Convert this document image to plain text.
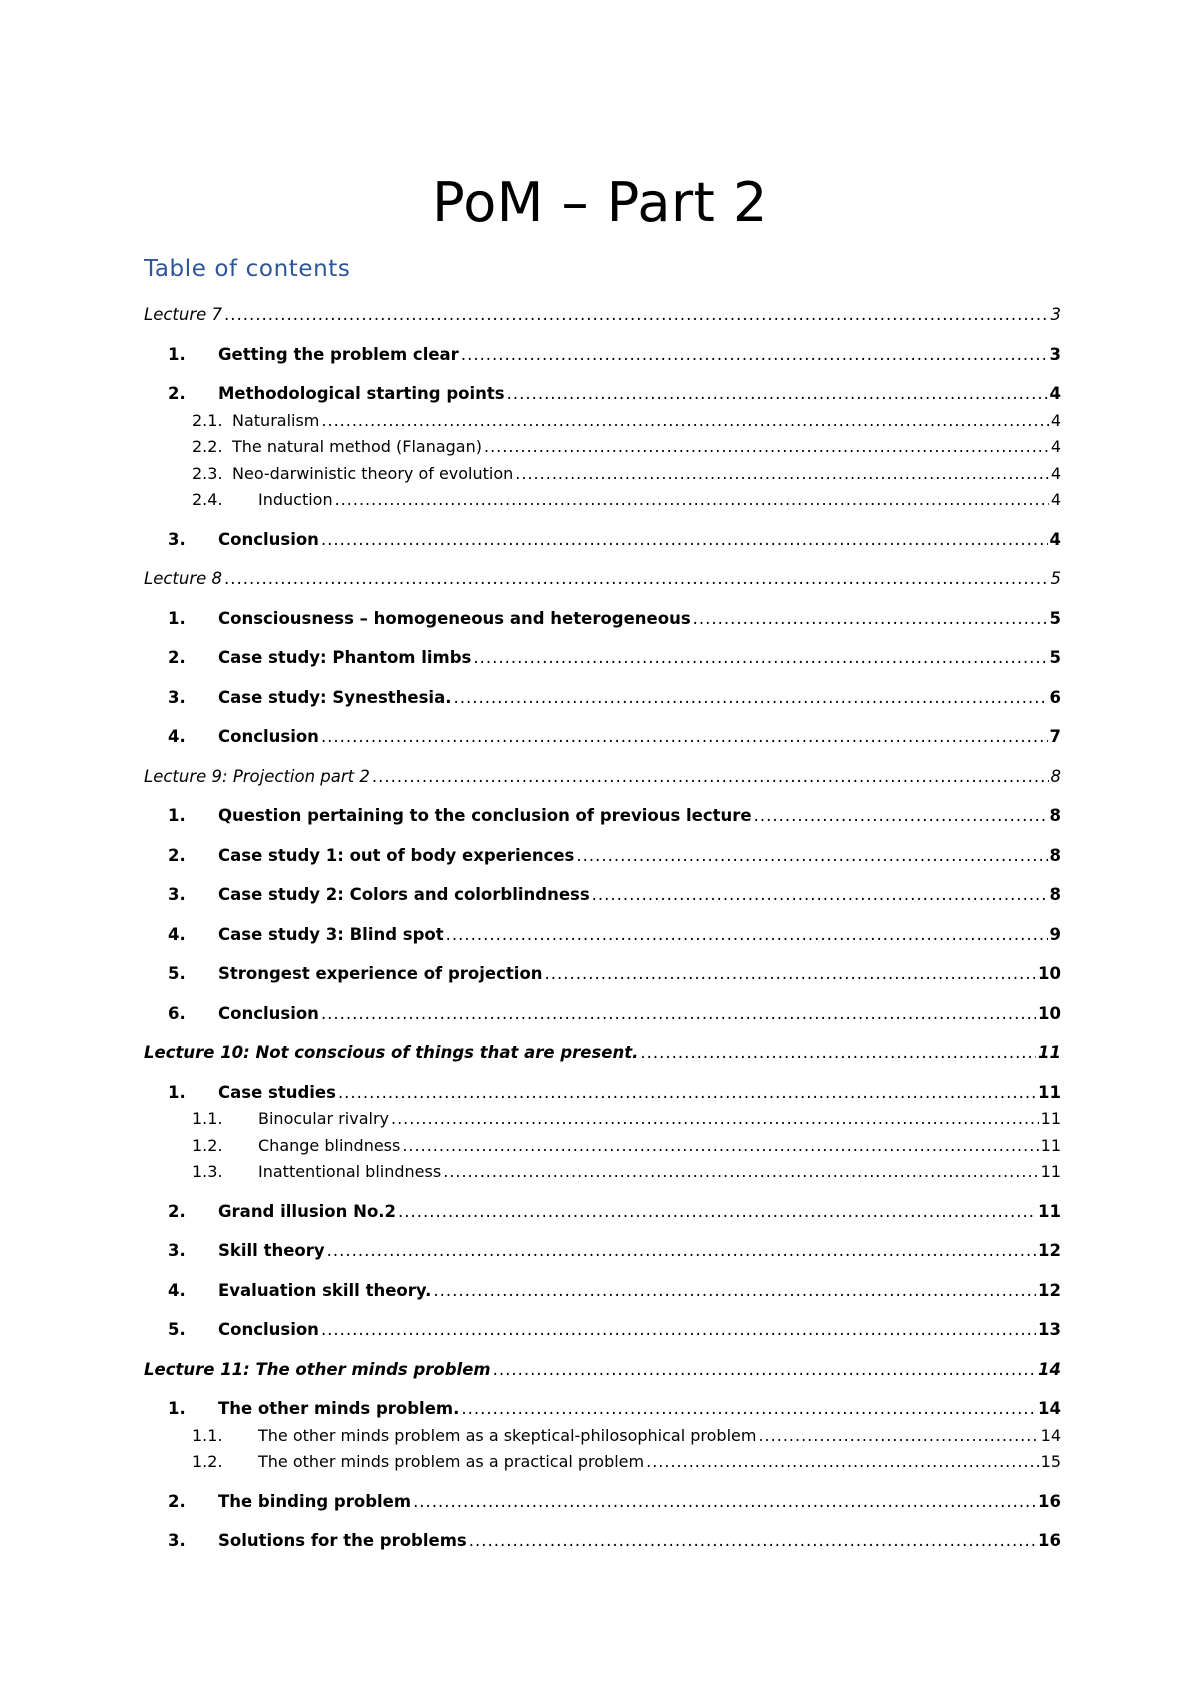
PoM – Part 2
Table of contents
Lecture 7 .....	3
1.	Getting the problem clear .....	3
2.	Methodological starting points .....	4
2.1. Naturalism .....	4
2.2. The natural method (Flanagan) .....	4
2.3. Neo-darwinistic theory of evolution .....	4
2.4.	Induction .....	4
3.	Conclusion .....	4
Lecture 8 .....	5
1.	Consciousness – homogeneous and heterogeneous .....	5
2.	Case study: Phantom limbs .....	5
3.	Case study: Synesthesia. .....	6
4.	Conclusion .....	7
Lecture 9: Projection part 2 .....	8
1.	Question pertaining to the conclusion of previous lecture .....	8
2.	Case study 1: out of body experiences .....	8
3.	Case study 2: Colors and colorblindness .....	8
4.	Case study 3: Blind spot .....	9
5.	Strongest experience of projection .....	10
6.	Conclusion .....	10
Lecture 10: Not conscious of things that are present. .....	11
1.	Case studies .....	11
1.1.	Binocular rivalry .....	11
1.2.	Change blindness .....	11
1.3.	Inattentional blindness .....	11
2.	Grand illusion No.2 .....	11
3.	Skill theory .....	12
4.	Evaluation skill theory. .....	12
5.	Conclusion .....	13
Lecture 11: The other minds problem .....	14
1.	The other minds problem. .....	14
1.1.	The other minds problem as a skeptical-philosophical problem .....	14
1.2.	The other minds problem as a practical problem .....	15
2.	The binding problem .....	16
3.	Solutions for the problems .....	16
